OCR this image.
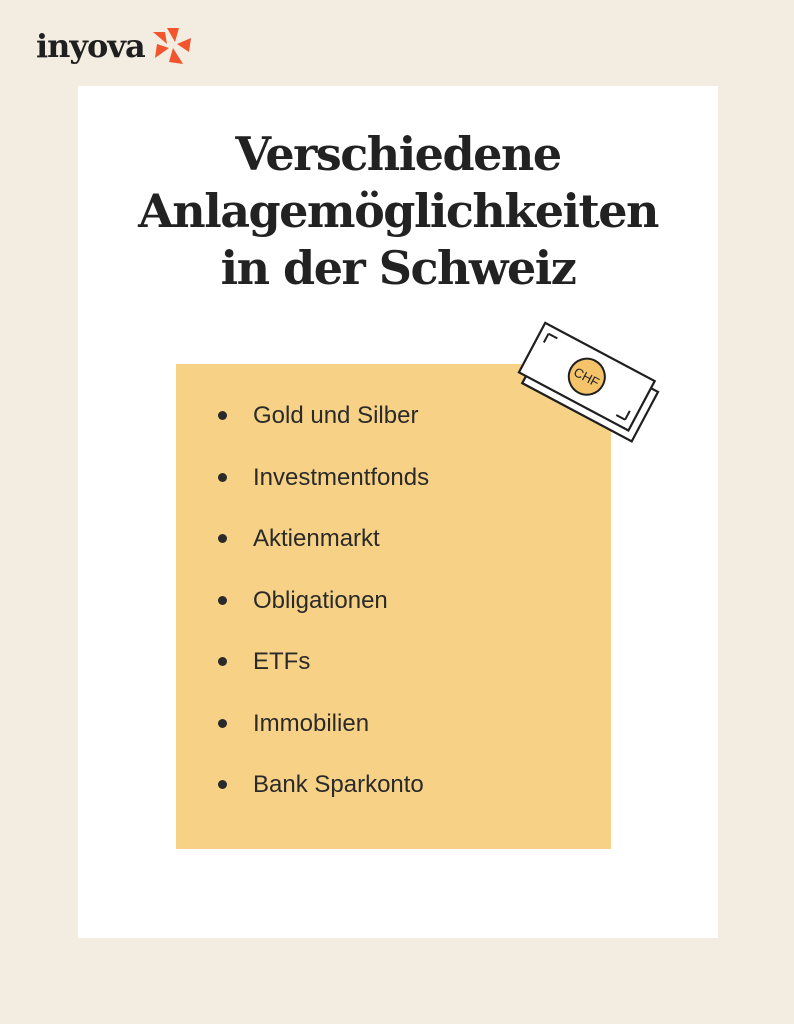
inyova
Verschiedene
Anlagemöglichkeiten
in der Schweiz
Gold und Silber
Investmentfonds
Aktienmarkt
Obligationen
ETFs
Immobilien
Bank Sparkonto
CHF
